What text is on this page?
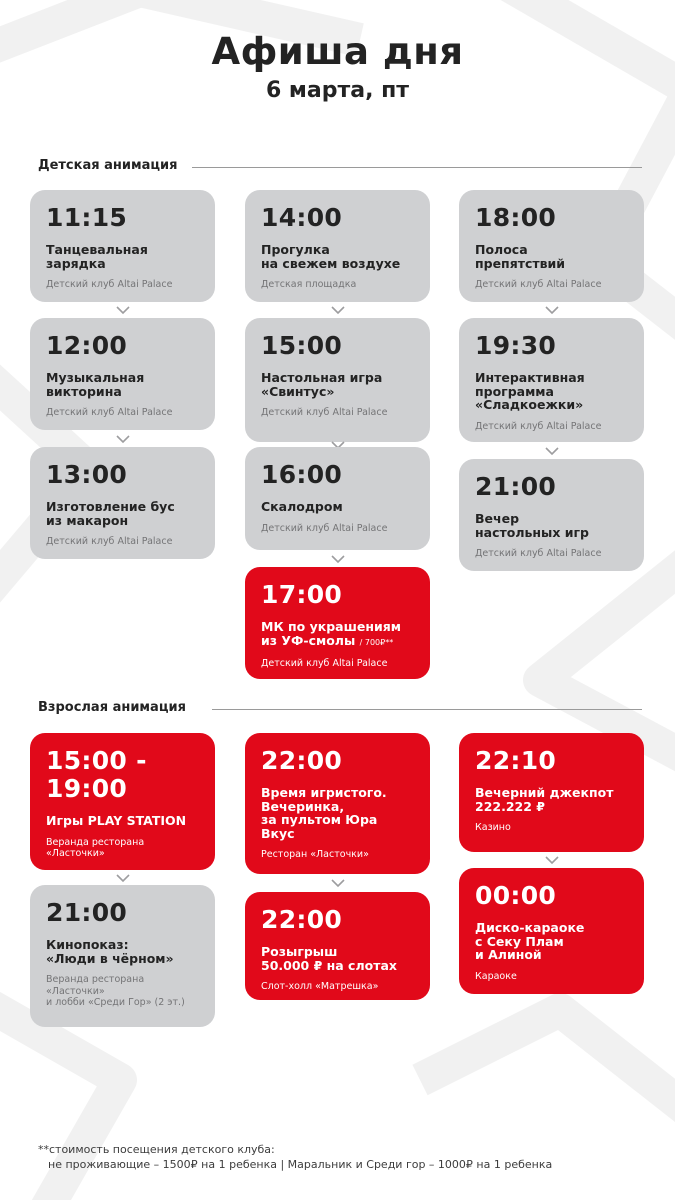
Афиша дня
6 марта, пт
Детская анимация
Взрослая анимация
11:15
Танцевальная
зарядка
Детский клуб Altai Palace
12:00
Музыкальная
викторина
Детский клуб Altai Palace
13:00
Изготовление бус
из макарон
Детский клуб Altai Palace
14:00
Прогулка
на свежем воздухе
Детская площадка
15:00
Настольная игра
«Свинтус»
Детский клуб Altai Palace
16:00
Скалодром
Детский клуб Altai Palace
17:00
МК по украшениям
из УФ-смолы / 700₽**
Детский клуб Altai Palace
18:00
Полоса
препятствий
Детский клуб Altai Palace
19:30
Интерактивная
программа
«Сладкоежки»
Детский клуб Altai Palace
21:00
Вечер
настольных игр
Детский клуб Altai Palace
15:00 -
19:00
Игры PLAY STATION
Веранда ресторана
«Ласточки»
21:00
Кинопоказ:
«Люди в чёрном»
Веранда ресторана
«Ласточки»
и лобби «Среди Гор» (2 эт.)
22:00
Время игристого.
Вечеринка,
за пультом Юра
Вкус
Ресторан «Ласточки»
22:00
Розыгрыш
50.000 ₽ на слотах
Слот-холл «Матрешка»
22:10
Вечерний джекпот
222.222 ₽
Казино
00:00
Диско-караоке
с Секу Плам
и Алиной
Караоке
**стоимость посещения детского клуба:
не проживающие – 1500₽ на 1 ребенка | Маральник и Среди гор – 1000₽ на 1 ребенка
